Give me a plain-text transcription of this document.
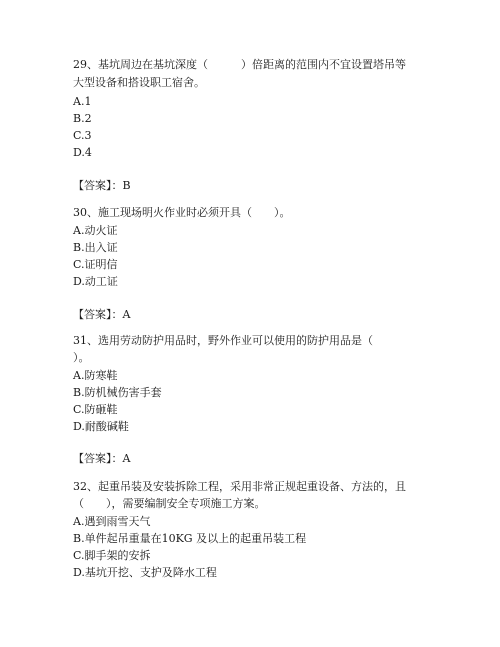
29、基坑周边在基坑深度（　　　）倍距离的范围内不宜设置塔吊等
大型设备和搭设职工宿舍。
A.1
B.2
C.3
D.4
【答案】：B
30、施工现场明火作业时必须开具（　　）。
A.动火证
B.出入证
C.证明信
D.动工证
【答案】：A
31、选用劳动防护用品时，野外作业可以使用的防护用品是（
）。
A.防寒鞋
B.防机械伤害手套
C.防砸鞋
D.耐酸碱鞋
【答案】：A
32、起重吊装及安装拆除工程，采用非常正规起重设备、方法的，且
（　　），需要编制安全专项施工方案。
A.遇到雨雪天气
B.单件起吊重量在10KG 及以上的起重吊装工程
C.脚手架的安拆
D.基坑开挖、支护及降水工程
